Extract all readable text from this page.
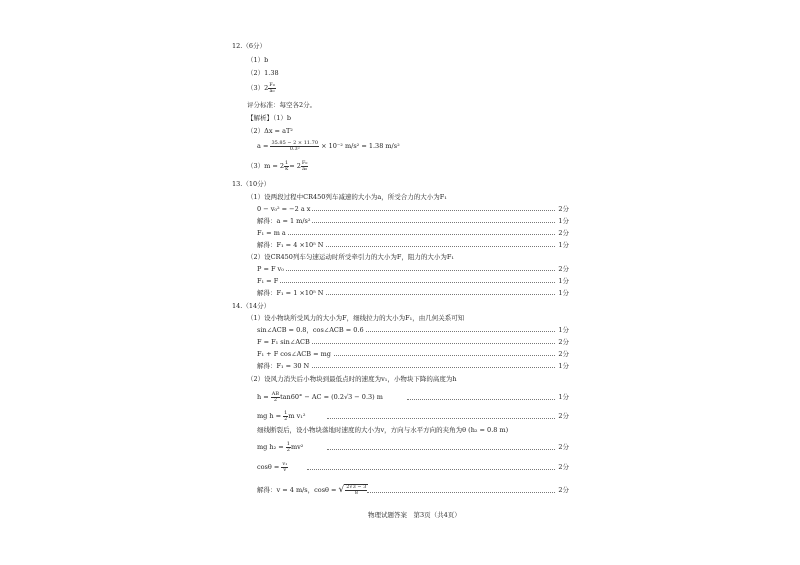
12.（6分）
（1）b
（2）1.38
$(3)2 \frac{\text{F₀}}{\text{a₀}}$
评分标准：每空各2分。
【解析】（1）b
（2）Δx = aT²
$a = \frac{35.85 - 2 \times 11.70}{\text{0.3²}} \times 10^{-2}$ m/s² = 1.38 m/s²
$(3)m = 2 \frac{1}{k} = 2 \frac{\text{F₀}}{\text{a₀}}$
13.（10分）
（1）设两段过程中CR450列车减速的大小为a，所受合力的大小为F₁
0 − v₀² = −2 a x	2分
解得：a = 1 m/s²	1分
F₁ = m a	2分
解得：F₁ = 4 ×10⁵ N	1分
（2）设CR450列车匀速运动时所受牵引力的大小为F，阻力的大小为F₁
P = F v₀	2分
F₁ = F	1分
解得：F₁ = 1 ×10⁵ N	1分
14.（14分）
（1）设小物块所受风力的大小为F，细线拉力的大小为F₁，由几何关系可知
sin∠ACB = 0.8，cos∠ACB = 0.6	1分
F = F₁ sin∠ACB	2分
F₁ + F cos∠ACB = mg	2分
解得：F₁ = 30 N	1分
（2）设风力消失后小物块到最低点时的速度为v₁，小物块下降的高度为h
$h = \frac{AB}{2} \tan 60^\circ$ − AC = (0.2√3 − 0.3) m	1分
mg $h = \frac{1}{2}$ m v₁²	2分
细线断裂后，设小物块落地时速度的大小为v，方向与水平方向的夹角为θ (h₂ = 0.8 m)
mg $h_2 = \frac{1}{2} mv^2$	2分
$\cos\theta = \frac{\text{v₁}}{v}$	2分
解得：v = 4 m/s，cosθ = √ $\frac{2√3 - 3}{8}$	2分
物理试题答案　第3页（共4页）
